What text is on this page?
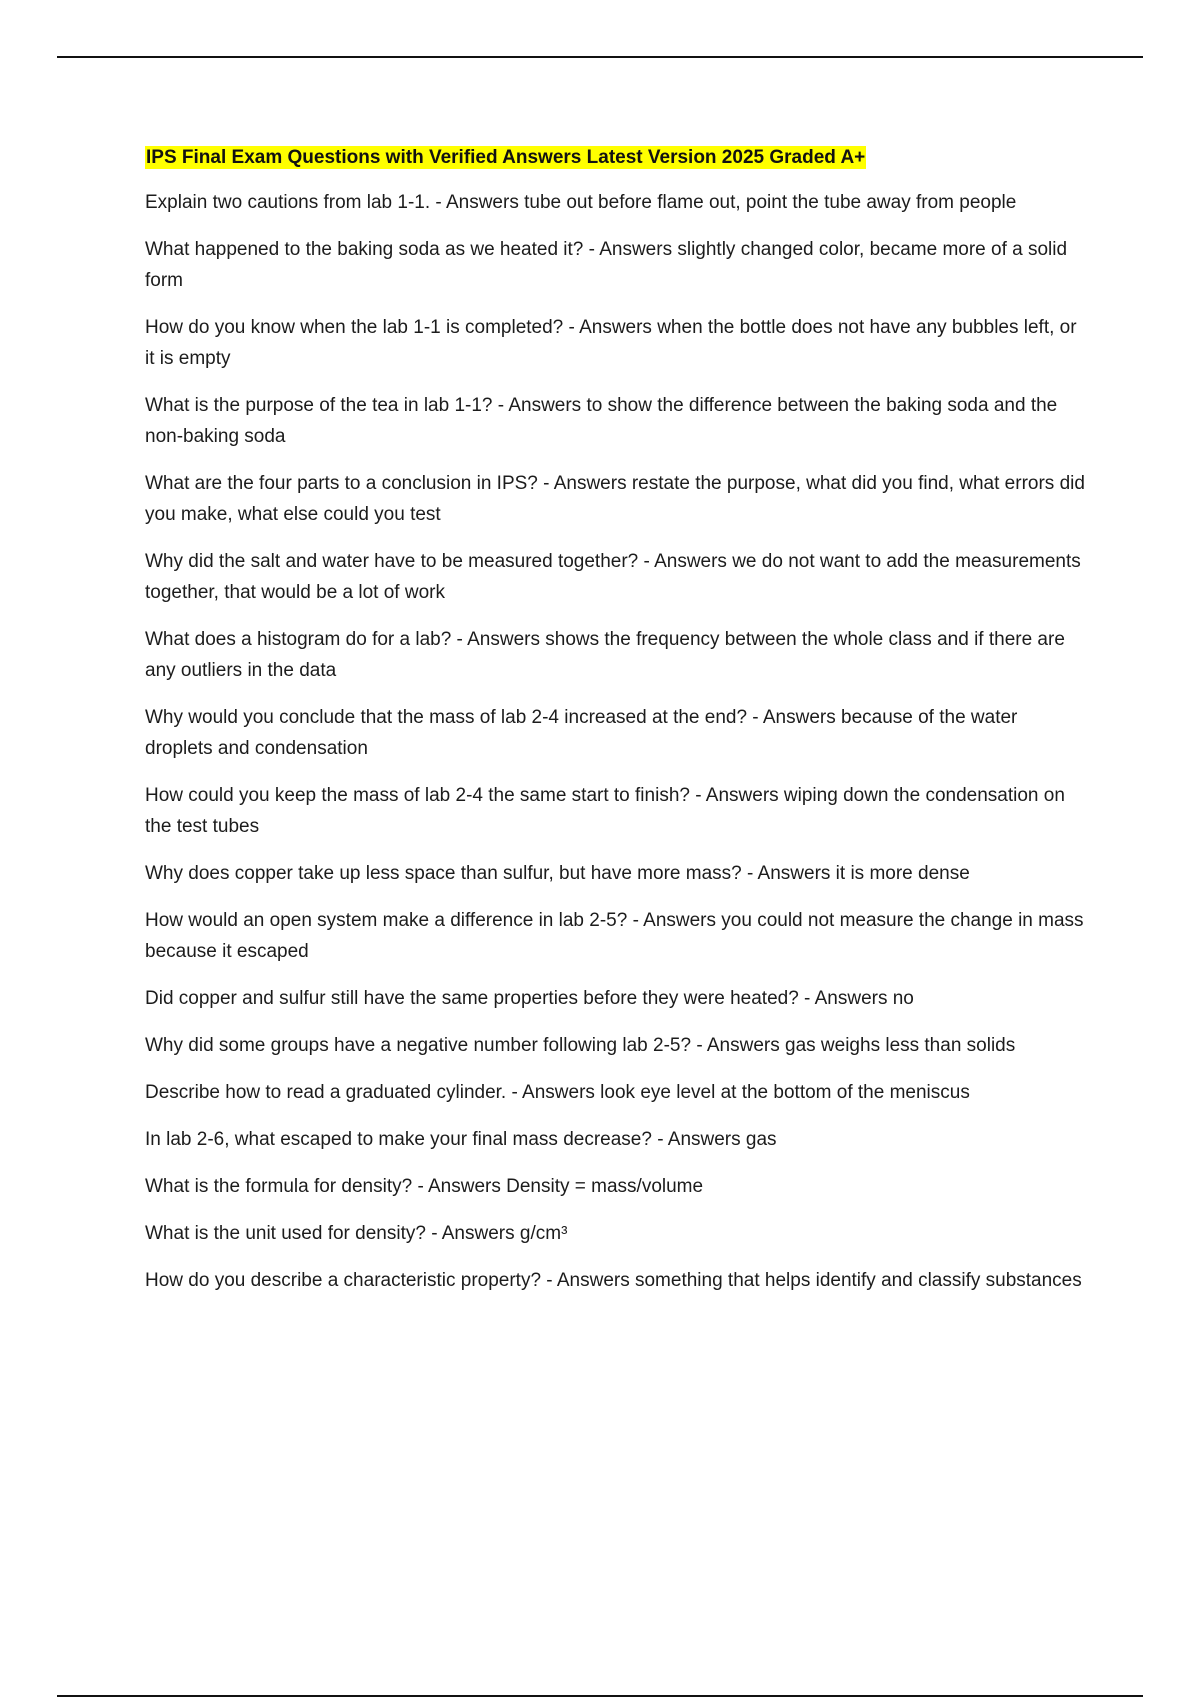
IPS Final Exam Questions with Verified Answers Latest Version 2025 Graded A+

Explain two cautions from lab 1-1. - Answers tube out before flame out, point the tube away from people

What happened to the baking soda as we heated it? - Answers slightly changed color, became more of a solid form

How do you know when the lab 1-1 is completed? - Answers when the bottle does not have any bubbles left, or it is empty

What is the purpose of the tea in lab 1-1? - Answers to show the difference between the baking soda and the non-baking soda

What are the four parts to a conclusion in IPS? - Answers restate the purpose, what did you find, what errors did you make, what else could you test

Why did the salt and water have to be measured together? - Answers we do not want to add the measurements together, that would be a lot of work

What does a histogram do for a lab? - Answers shows the frequency between the whole class and if there are any outliers in the data

Why would you conclude that the mass of lab 2-4 increased at the end? - Answers because of the water droplets and condensation

How could you keep the mass of lab 2-4 the same start to finish? - Answers wiping down the condensation on the test tubes

Why does copper take up less space than sulfur, but have more mass? - Answers it is more dense

How would an open system make a difference in lab 2-5? - Answers you could not measure the change in mass because it escaped

Did copper and sulfur still have the same properties before they were heated? - Answers no

Why did some groups have a negative number following lab 2-5? - Answers gas weighs less than solids

Describe how to read a graduated cylinder. - Answers look eye level at the bottom of the meniscus

In lab 2-6, what escaped to make your final mass decrease? - Answers gas

What is the formula for density? - Answers Density = mass/volume

What is the unit used for density? - Answers g/cm³

How do you describe a characteristic property? - Answers something that helps identify and classify substances
